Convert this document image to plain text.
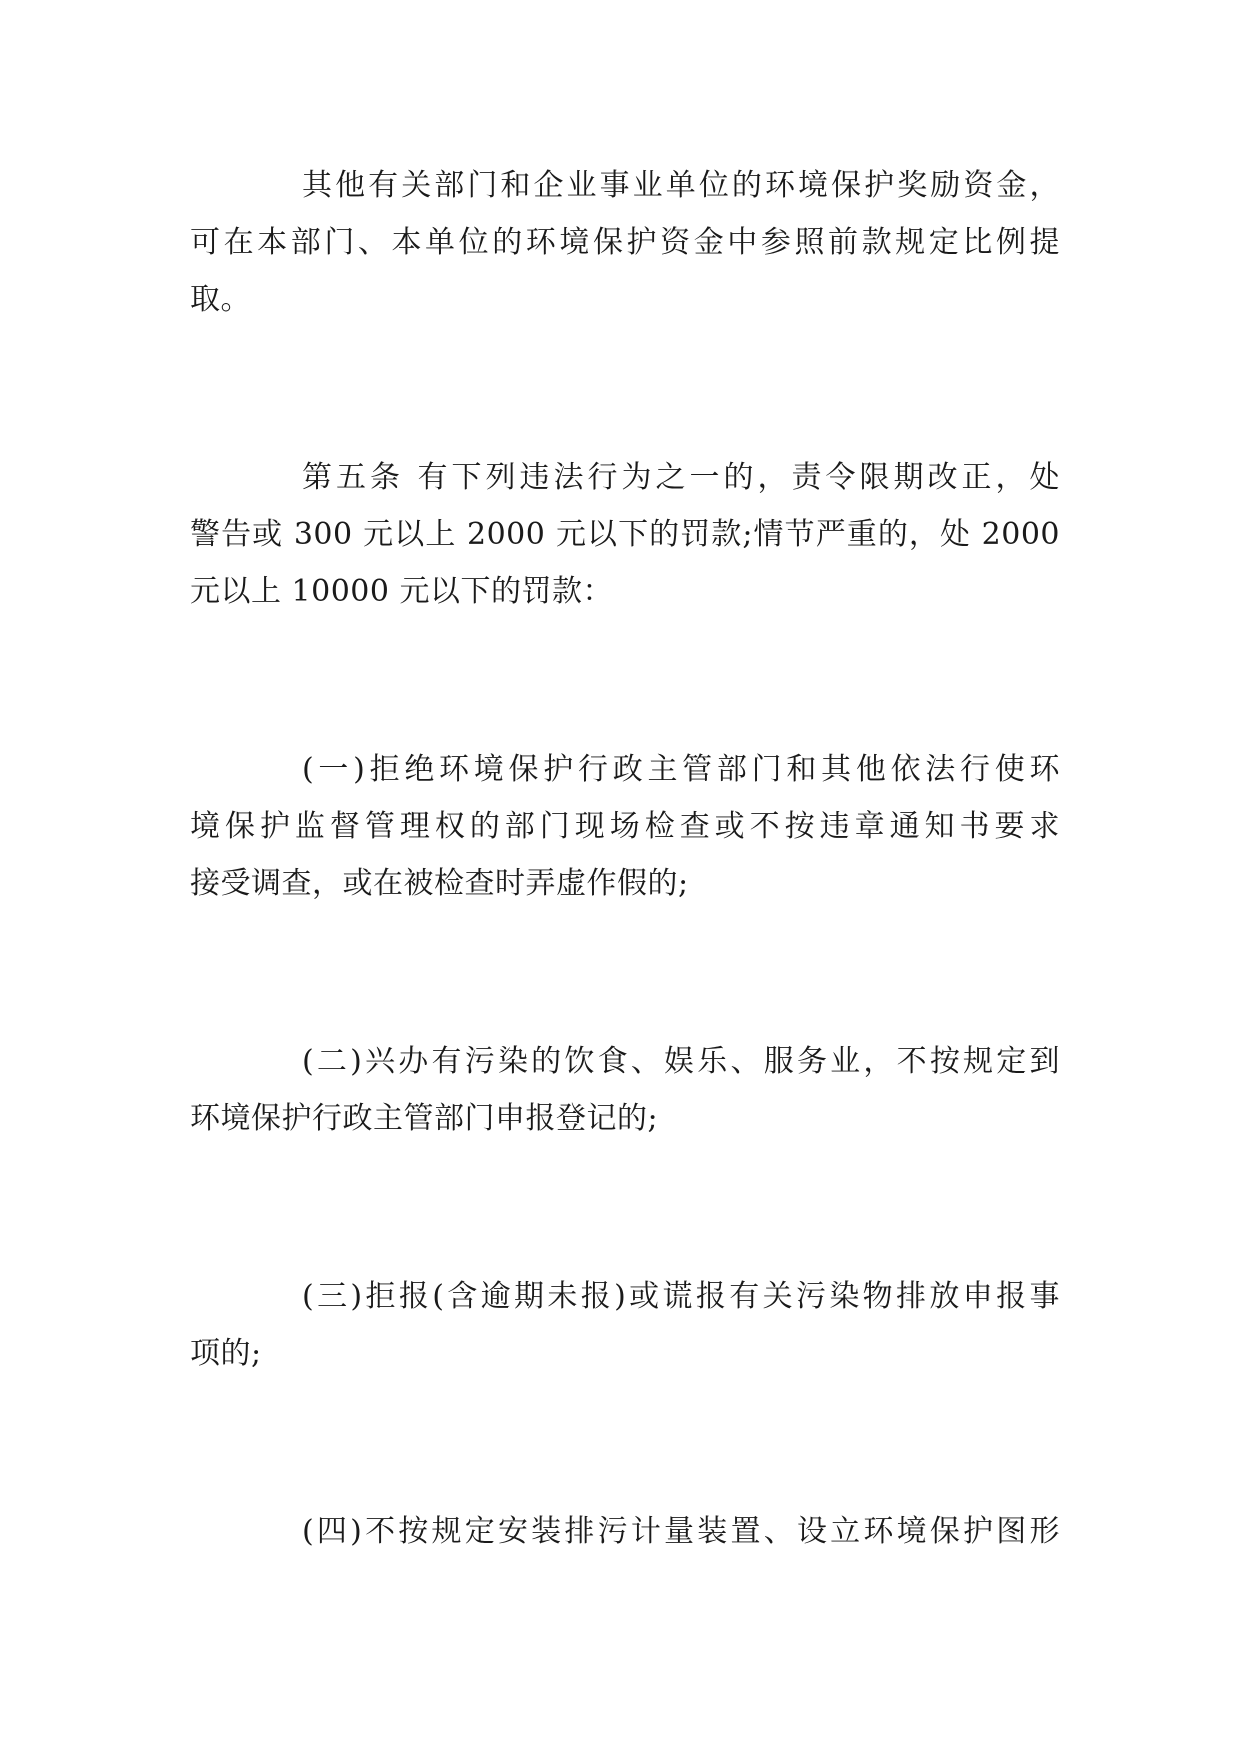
其他有关部门和企业事业单位的环境保护奖励资金，
可在本部门、本单位的环境保护资金中参照前款规定比例提
取。
第五条 有下列违法行为之一的，责令限期改正，处
警告或 300 元以上 2000 元以下的罚款;情节严重的，处 2000
元以上 10000 元以下的罚款：
(一)拒绝环境保护行政主管部门和其他依法行使环
境保护监督管理权的部门现场检查或不按违章通知书要求
接受调查，或在被检查时弄虚作假的;
(二)兴办有污染的饮食、娱乐、服务业，不按规定到
环境保护行政主管部门申报登记的;
(三)拒报(含逾期未报)或谎报有关污染物排放申报事
项的;
(四)不按规定安装排污计量装置、设立环境保护图形
